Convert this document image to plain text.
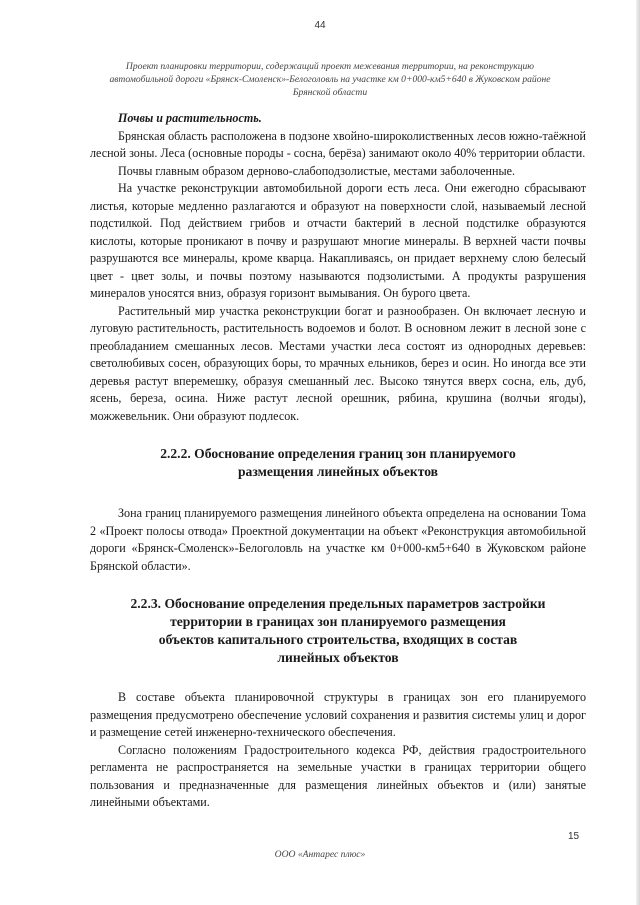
44
Проект планировки территории, содержащий проект межевания территории, на реконструкцию
автомобильной дороги «Брянск-Смоленск»-Белоголовль на участке км 0+000-км5+640 в Жуковском районе
Брянской области

Почвы и растительность.

Брянская область расположена в подзоне хвойно-широколиственных лесов южно-таёжной лесной зоны. Леса (основные породы - сосна, берёза) занимают около 40% территории области.

Почвы главным образом дерново-слабоподзолистые, местами заболоченные.

На участке реконструкции автомобильной дороги есть леса. Они ежегодно сбрасывают листья, которые медленно разлагаются и образуют на поверхности слой, называемый лесной подстилкой. Под действием грибов и отчасти бактерий в лесной подстилке образуются кислоты, которые проникают в почву и разрушают многие минералы. В верхней части почвы разрушаются все минералы, кроме кварца. Накапливаясь, он придает верхнему слою белесый цвет - цвет золы, и почвы поэтому называются подзолистыми. А продукты разрушения минералов уносятся вниз, образуя горизонт вымывания. Он бурого цвета.

Растительный мир участка реконструкции богат и разнообразен. Он включает лесную и луговую растительность, растительность водоемов и болот. В основном лежит в лесной зоне с преобладанием смешанных лесов. Местами участки леса состоят из однородных деревьев: светолюбивых сосен, образующих боры, то мрачных ельников, берез и осин. Но иногда все эти деревья растут вперемешку, образуя смешанный лес. Высоко тянутся вверх сосна, ель, дуб, ясень, береза, осина. Ниже растут лесной орешник, рябина, крушина (волчьи ягоды), можжевельник. Они образуют подлесок.

2.2.2. Обоснование определения границ зон планируемого
размещения линейных объектов

Зона границ планируемого размещения линейного объекта определена на основании Тома 2 «Проект полосы отвода» Проектной документации на объект «Реконструкция автомобильной дороги «Брянск-Смоленск»-Белоголовль на участке км 0+000-км5+640 в Жуковском районе Брянской области».

2.2.3. Обоснование определения предельных параметров застройки
территории в границах зон планируемого размещения
объектов капитального строительства, входящих в состав
линейных объектов

В составе объекта планировочной структуры в границах зон его планируемого размещения предусмотрено обеспечение условий сохранения и развития системы улиц и дорог и размещение сетей инженерно-технического обеспечения.

Согласно положениям Градостроительного кодекса РФ, действия градостроительного регламента не распространяется на земельные участки в границах территории общего пользования и предназначенные для размещения линейных объектов и (или) занятые линейными объектами.

15
ООО «Антарес плюс»
